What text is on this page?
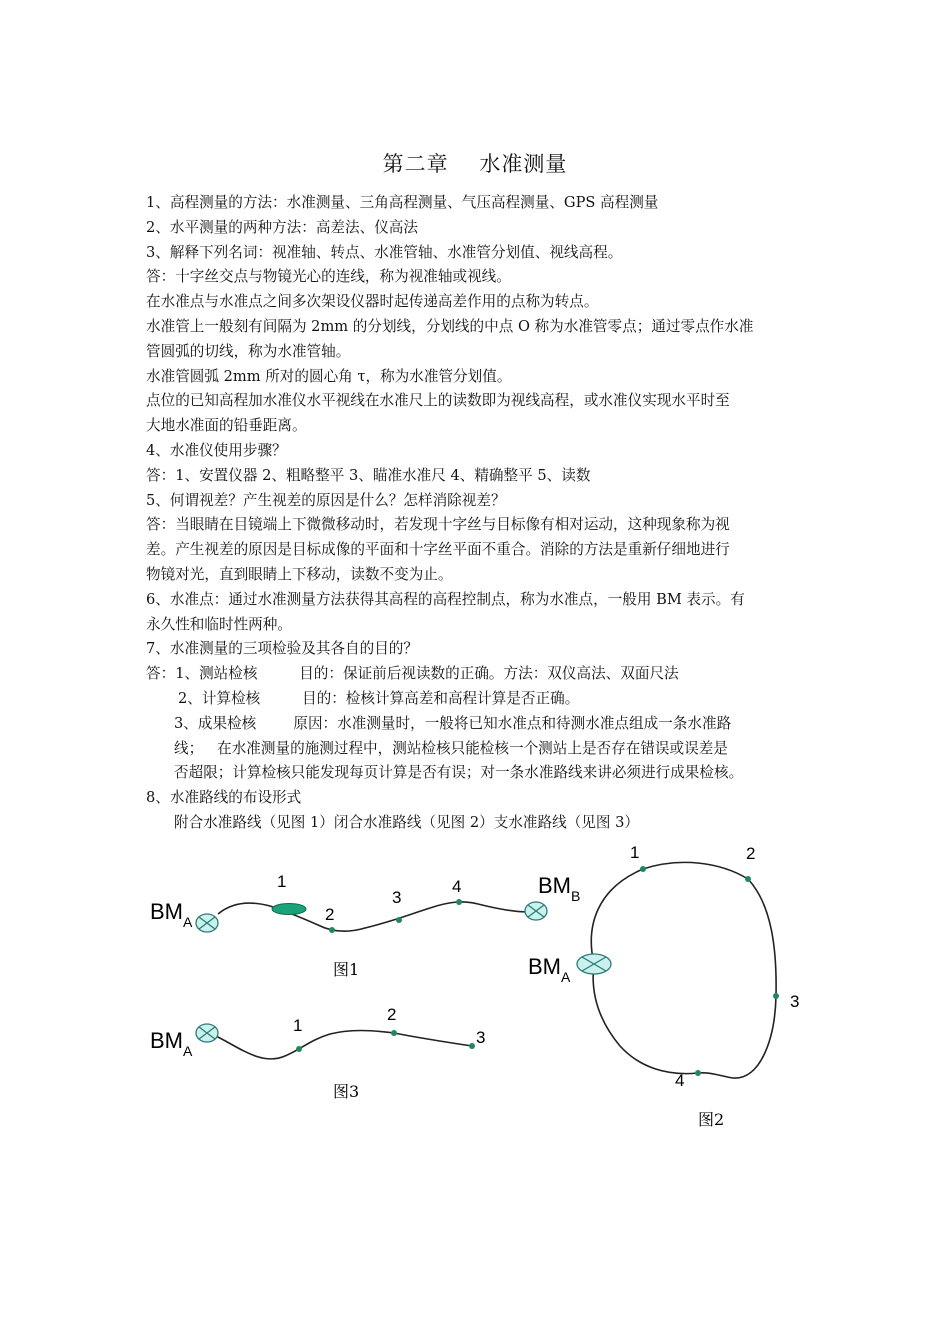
第二章    水准测量
1、高程测量的方法：水准测量、三角高程测量、气压高程测量、GPS 高程测量
2、水平测量的两种方法：高差法、仪高法
3、解释下列名词：视准轴、转点、水准管轴、水准管分划值、视线高程。
答：十字丝交点与物镜光心的连线，称为视准轴或视线。
在水准点与水准点之间多次架设仪器时起传递高差作用的点称为转点。
水准管上一般刻有间隔为 2mm 的分划线，分划线的中点 O 称为水准管零点；通过零点作水准
管圆弧的切线，称为水准管轴。
水准管圆弧 2mm 所对的圆心角 τ，称为水准管分划值。
点位的已知高程加水准仪水平视线在水准尺上的读数即为视线高程，或水准仪实现水平时至
大地水准面的铅垂距离。
4、水准仪使用步骤？
答：1、安置仪器 2、粗略整平 3、瞄准水准尺 4、精确整平 5、读数
5、何谓视差？产生视差的原因是什么？怎样消除视差？
答：当眼睛在目镜端上下微微移动时，若发现十字丝与目标像有相对运动，这种现象称为视
差。产生视差的原因是目标成像的平面和十字丝平面不重合。消除的方法是重新仔细地进行
物镜对光，直到眼睛上下移动，读数不变为止。
6、水准点：通过水准测量方法获得其高程的高程控制点，称为水准点，一般用 BM 表示。有
永久性和临时性两种。
7、水准测量的三项检验及其各自的目的？
答：1、测站检核         目的：保证前后视读数的正确。方法：双仪高法、双面尺法
2、计算检核         目的：检核计算高差和高程计算是否正确。
3、成果检核        原因：水准测量时，一般将已知水准点和待测水准点组成一条水准路
线；   在水准测量的施测过程中，测站检核只能检核一个测站上是否存在错误或误差是
否超限；计算检核只能发现每页计算是否有误；对一条水准路线来讲必须进行成果检核。
8、水准路线的布设形式
附合水准路线（见图 1）闭合水准路线（见图 2）支水准路线（见图 3）
$BM_A$
$BM_B$
1
2
3
4
图1
$BM_A$
1
2
3
图3
$BM_A$
1	2
3
4
图2
